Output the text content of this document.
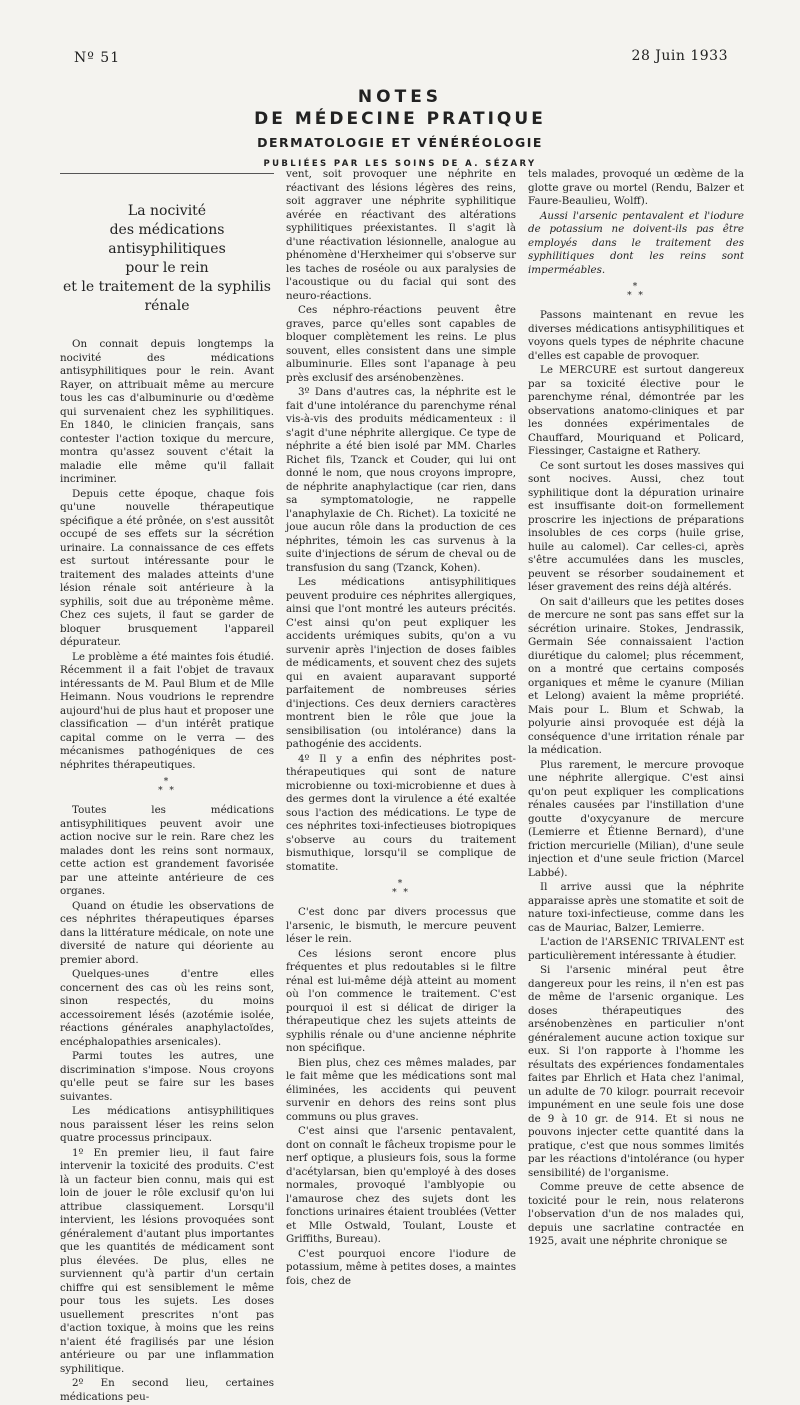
Nº 51	28 Juin 1933
NOTES
DE MÉDECINE PRATIQUE
DERMATOLOGIE ET VÉNÉRÉOLOGIE
PUBLIÉES PAR LES SOINS DE A. SÉZARY
La nocivité
des médications antisyphilitiques
pour le rein
et le traitement de la syphilis rénale

On connait depuis longtemps la nocivité des médications antisyphilitiques pour le rein. Avant Rayer, on attribuait même au mercure tous les cas d'albuminurie ou d'œdème qui survenaient chez les syphilitiques. En 1840, le clinicien français, sans contester l'action toxique du mercure, montra qu'assez souvent c'était la maladie elle même qu'il fallait incriminer.

Depuis cette époque, chaque fois qu'une nouvelle thérapeutique spécifique a été prônée, on s'est aussitôt occupé de ses effets sur la sécrétion urinaire. La connaissance de ces effets est surtout intéressante pour le traitement des malades atteints d'une lésion rénale soit antérieure à la syphilis, soit due au tréponème même. Chez ces sujets, il faut se garder de bloquer brusquement l'appareil dépurateur.

Le problème a été maintes fois étudié. Récemment il a fait l'objet de travaux intéressants de M. Paul Blum et de Mlle Heimann. Nous voudrions le reprendre aujourd'hui de plus haut et proposer une classification — d'un intérêt pratique capital comme on le verra — des mécanismes pathogéniques de ces néphrites thérapeutiques.

*
* *

Toutes les médications antisyphilitiques peuvent avoir une action nocive sur le rein. Rare chez les malades dont les reins sont normaux, cette action est grandement favorisée par une atteinte antérieure de ces organes.

Quand on étudie les observations de ces néphrites thérapeutiques éparses dans la littérature médicale, on note une diversité de nature qui déoriente au premier abord.

Quelques-unes d'entre elles concernent des cas où les reins sont, sinon respectés, du moins accessoirement lésés (azotémie isolée, réactions générales anaphylactoïdes, encéphalopathies arsenicales).

Parmi toutes les autres, une discrimination s'impose. Nous croyons qu'elle peut se faire sur les bases suivantes.

Les médications antisyphilitiques nous paraissent léser les reins selon quatre processus principaux.

1º En premier lieu, il faut faire intervenir la toxicité des produits. C'est là un facteur bien connu, mais qui est loin de jouer le rôle exclusif qu'on lui attribue classiquement. Lorsqu'il intervient, les lésions provoquées sont généralement d'autant plus importantes que les quantités de médicament sont plus élevées. De plus, elles ne surviennent qu'à partir d'un certain chiffre qui est sensiblement le même pour tous les sujets. Les doses usuellement prescrites n'ont pas d'action toxique, à moins que les reins n'aient été fragilisés par une lésion antérieure ou par une inflammation syphilitique.

2º En second lieu, certaines médications peu-

vent, soit provoquer une néphrite en réactivant des lésions légères des reins, soit aggraver une néphrite syphilitique avérée en réactivant des altérations syphilitiques préexistantes. Il s'agit là d'une réactivation lésionnelle, analogue au phénomène d'Herxheimer qui s'observe sur les taches de roséole ou aux paralysies de l'acoustique ou du facial qui sont des neuro-réactions.

Ces néphro-réactions peuvent être graves, parce qu'elles sont capables de bloquer complètement les reins. Le plus souvent, elles consistent dans une simple albuminurie. Elles sont l'apanage à peu près exclusif des arsénobenzènes.

3º Dans d'autres cas, la néphrite est le fait d'une intolérance du parenchyme rénal vis-à-vis des produits médicamenteux : il s'agit d'une néphrite allergique. Ce type de néphrite a été bien isolé par MM. Charles Richet fils, Tzanck et Couder, qui lui ont donné le nom, que nous croyons impropre, de néphrite anaphylactique (car rien, dans sa symptomatologie, ne rappelle l'anaphylaxie de Ch. Richet). La toxicité ne joue aucun rôle dans la production de ces néphrites, témoin les cas survenus à la suite d'injections de sérum de cheval ou de transfusion du sang (Tzanck, Kohen).

Les médications antisyphilitiques peuvent produire ces néphrites allergiques, ainsi que l'ont montré les auteurs précités. C'est ainsi qu'on peut expliquer les accidents urémiques subits, qu'on a vu survenir après l'injection de doses faibles de médicaments, et souvent chez des sujets qui en avaient auparavant supporté parfaitement de nombreuses séries d'injections. Ces deux derniers caractères montrent bien le rôle que joue la sensibilisation (ou intolérance) dans la pathogénie des accidents.

4º Il y a enfin des néphrites post-thérapeutiques qui sont de nature microbienne ou toxi-microbienne et dues à des germes dont la virulence a été exaltée sous l'action des médications. Le type de ces néphrites toxi-infectieuses biotropiques s'observe au cours du traitement bismuthique, lorsqu'il se complique de stomatite.

*
* *

C'est donc par divers processus que l'arsenic, le bismuth, le mercure peuvent léser le rein.

Ces lésions seront encore plus fréquentes et plus redoutables si le filtre rénal est lui-même déjà atteint au moment où l'on commence le traitement. C'est pourquoi il est si délicat de diriger la thérapeutique chez les sujets atteints de syphilis rénale ou d'une ancienne néphrite non spécifique.

Bien plus, chez ces mêmes malades, par le fait même que les médications sont mal éliminées, les accidents qui peuvent survenir en dehors des reins sont plus communs ou plus graves.

C'est ainsi que l'arsenic pentavalent, dont on connaît le fâcheux tropisme pour le nerf optique, a plusieurs fois, sous la forme d'acétylarsan, bien qu'employé à des doses normales, provoqué l'amblyopie ou l'amaurose chez des sujets dont les fonctions urinaires étaient troublées (Vetter et Mlle Ostwald, Toulant, Louste et Griffiths, Bureau).

C'est pourquoi encore l'iodure de potassium, même à petites doses, a maintes fois, chez de

tels malades, provoqué un œdème de la glotte grave ou mortel (Rendu, Balzer et Faure-Beaulieu, Wolff).

Aussi l'arsenic pentavalent et l'iodure de potassium ne doivent-ils pas être employés dans le traitement des syphilitiques dont les reins sont imperméables.

*
* *

Passons maintenant en revue les diverses médications antisyphilitiques et voyons quels types de néphrite chacune d'elles est capable de provoquer.

Le MERCURE est surtout dangereux par sa toxicité élective pour le parenchyme rénal, démontrée par les observations anatomo-cliniques et par les données expérimentales de Chauffard, Mouriquand et Policard, Fiessinger, Castaigne et Rathery.

Ce sont surtout les doses massives qui sont nocives. Aussi, chez tout syphilitique dont la dépuration urinaire est insuffisante doit-on formellement proscrire les injections de préparations insolubles de ces corps (huile grise, huile au calomel). Car celles-ci, après s'être accumulées dans les muscles, peuvent se résorber soudainement et léser gravement des reins déjà altérés.

On sait d'ailleurs que les petites doses de mercure ne sont pas sans effet sur la sécrétion urinaire. Stokes, Jendrassik, Germain Sée connaissaient l'action diurétique du calomel; plus récemment, on a montré que certains composés organiques et même le cyanure (Milian et Lelong) avaient la même propriété. Mais pour L. Blum et Schwab, la polyurie ainsi provoquée est déjà la conséquence d'une irritation rénale par la médication.

Plus rarement, le mercure provoque une néphrite allergique. C'est ainsi qu'on peut expliquer les complications rénales causées par l'instillation d'une goutte d'oxycyanure de mercure (Lemierre et Étienne Bernard), d'une friction mercurielle (Milian), d'une seule injection et d'une seule friction (Marcel Labbé).

Il arrive aussi que la néphrite apparaisse après une stomatite et soit de nature toxi-infectieuse, comme dans les cas de Mauriac, Balzer, Lemierre.

L'action de l'ARSENIC TRIVALENT est particulièrement intéressante à étudier.

Si l'arsenic minéral peut être dangereux pour les reins, il n'en est pas de même de l'arsenic organique. Les doses thérapeutiques des arsénobenzènes en particulier n'ont généralement aucune action toxique sur eux. Si l'on rapporte à l'homme les résultats des expériences fondamentales faites par Ehrlich et Hata chez l'animal, un adulte de 70 kilogr. pourrait recevoir impunément en une seule fois une dose de 9 à 10 gr. de 914. Et si nous ne pouvons injecter cette quantité dans la pratique, c'est que nous sommes limités par les réactions d'intolérance (ou hyper sensibilité) de l'organisme.

Comme preuve de cette absence de toxicité pour le rein, nous relaterons l'observation d'un de nos malades qui, depuis une sacrlatine contractée en 1925, avait une néphrite chronique se
